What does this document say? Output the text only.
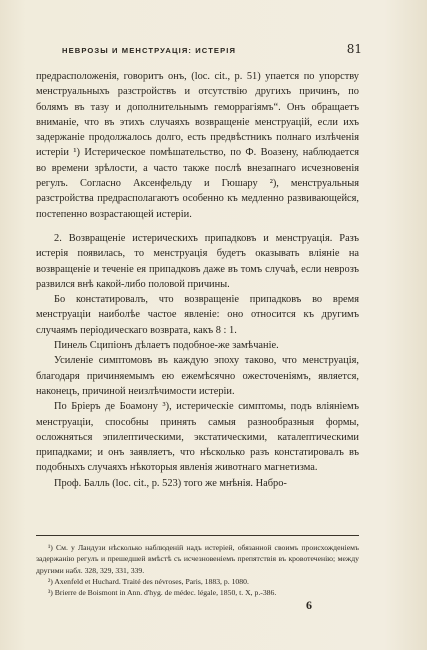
НЕВРОЗЫ И МЕНСТРУАЦІЯ: ИСТЕРІЯ	81

предрасположенія, говоритъ онъ, (loc. cit., p. 51) упается по упорству менструальныхъ разстройствъ и отсутствію другихъ причинъ, по болямъ въ тазу и дополнительнымъ геморрагіямъ“. Онъ обращаетъ вниманіе, что въ этихъ случаяхъ возвращеніе менструацій, если ихъ задержаніе продолжалось долго, есть предвѣстникъ полнаго излѣченія истеріи ¹) Истерическое помѣшательство, по Ф. Воазену, наблюдается во времени зрѣлости, а часто также послѣ внезапнаго исчезновенія регулъ. Согласно Аксенфельду и Гюшару ²), менструальныя разстройства предрасполагаютъ особенно къ медленно развивающейся, постепенно возрастающей истеріи.

2. Возвращеніе истерическихъ припадковъ и менструація. Разъ истерія появилась, то менструація будетъ оказывать вліяніе на возвращеніе и теченіе ея припадковъ даже въ томъ случаѣ, если неврозъ развился внѣ какой-либо половой причины.

Бо констатировалъ, что возвращеніе припадковъ во время менструаціи наиболѣе частое явленіе: оно относится къ другимъ случаямъ періодическаго возврата, какъ 8 : 1.

Пинель Сципіонъ дѣлаетъ подобное-же замѣчаніе.

Усиленіе симптомовъ въ каждую эпоху таково, что менструація, благодаря причиняемымъ ею ежемѣсячно ожесточеніямъ, является, наконецъ, причиной неизлѣчимости истеріи.

По Бріеръ де Боамону ³), истерическіе симптомы, подъ вліяніемъ менструаціи, способны принять самыя разнообразныя формы, осложняться эпилептическими, экстатическими, каталептическими припадками; и онъ заявляетъ, что нѣсколько разъ констатировалъ въ подобныхъ случаяхъ нѣкоторыя явленія животнаго магнетизма.

Проф. Балль (loc. cit., p. 523) того же мнѣнія. Набро-

¹) См. у Ландузи нѣсколько наблюденій надъ истеріей, обязанной своимъ происхожденіемъ задержанію регулъ и прешедшей вмѣстѣ съ исчезновеніемъ препятствія въ кровотеченію; между другими набл. 328, 329, 331, 339.

²) Axenfeld et Huchard. Traité des névroses, Paris, 1883, p. 1080.

³) Brierre de Boismont in Ann. d'hyg. de médec. légale, 1850, t. X, p.-386.

6
